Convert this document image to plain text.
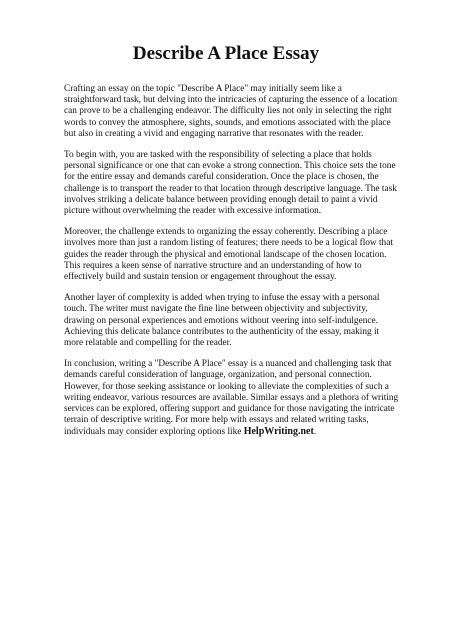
Describe A Place Essay

Crafting an essay on the topic "Describe A Place" may initially seem like a straightforward task, but delving into the intricacies of capturing the essence of a location can prove to be a challenging endeavor. The difficulty lies not only in selecting the right words to convey the atmosphere, sights, sounds, and emotions associated with the place but also in creating a vivid and engaging narrative that resonates with the reader.

To begin with, you are tasked with the responsibility of selecting a place that holds personal significance or one that can evoke a strong connection. This choice sets the tone for the entire essay and demands careful consideration. Once the place is chosen, the challenge is to transport the reader to that location through descriptive language. The task involves striking a delicate balance between providing enough detail to paint a vivid picture without overwhelming the reader with excessive information.

Moreover, the challenge extends to organizing the essay coherently. Describing a place involves more than just a random listing of features; there needs to be a logical flow that guides the reader through the physical and emotional landscape of the chosen location. This requires a keen sense of narrative structure and an understanding of how to effectively build and sustain tension or engagement throughout the essay.

Another layer of complexity is added when trying to infuse the essay with a personal touch. The writer must navigate the fine line between objectivity and subjectivity, drawing on personal experiences and emotions without veering into self-indulgence. Achieving this delicate balance contributes to the authenticity of the essay, making it more relatable and compelling for the reader.

In conclusion, writing a "Describe A Place" essay is a nuanced and challenging task that demands careful consideration of language, organization, and personal connection. However, for those seeking assistance or looking to alleviate the complexities of such a writing endeavor, various resources are available. Similar essays and a plethora of writing services can be explored, offering support and guidance for those navigating the intricate terrain of descriptive writing. For more help with essays and related writing tasks, individuals may consider exploring options like HelpWriting.net.
